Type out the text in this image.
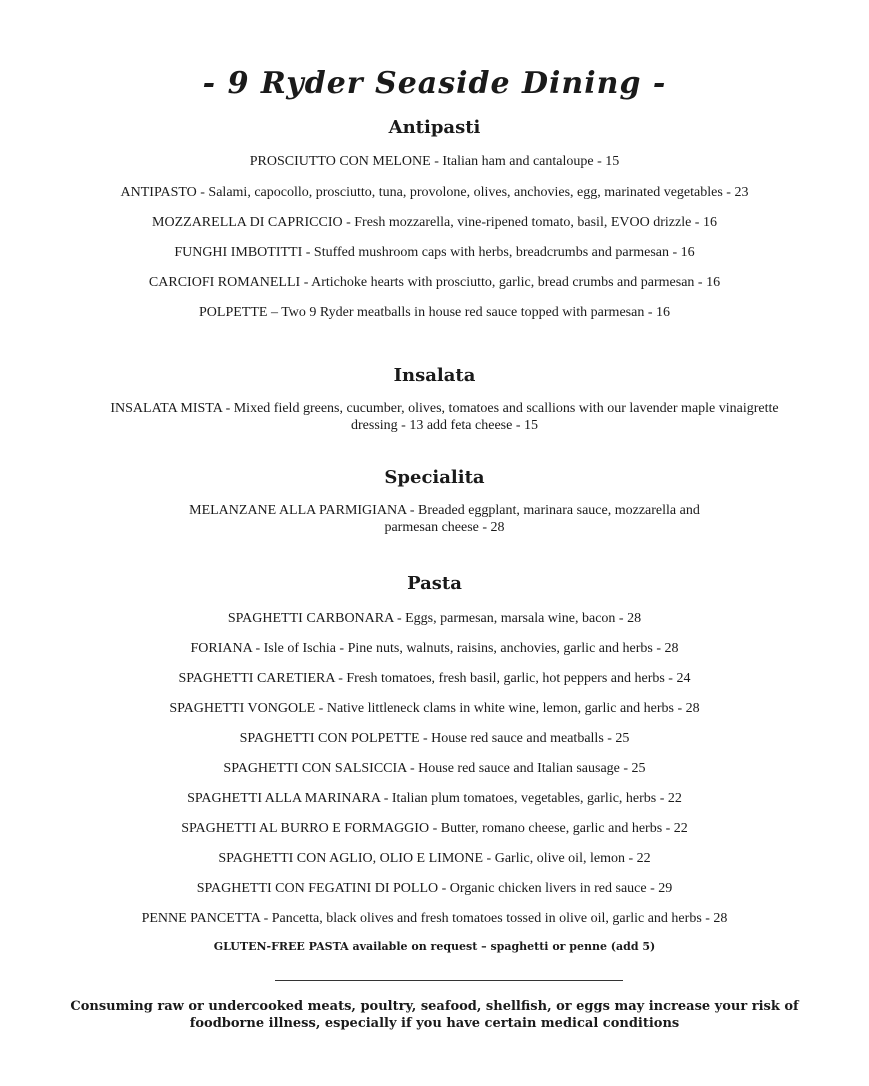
- 9 Ryder Seaside Dining -
Antipasti
PROSCIUTTO CON MELONE - Italian ham and cantaloupe - 15
ANTIPASTO - Salami, capocollo, prosciutto, tuna, provolone, olives, anchovies, egg, marinated vegetables - 23
MOZZARELLA DI CAPRICCIO - Fresh mozzarella, vine-ripened tomato, basil, EVOO drizzle - 16
FUNGHI IMBOTITTI - Stuffed mushroom caps with herbs, breadcrumbs and parmesan - 16
CARCIOFI ROMANELLI - Artichoke hearts with prosciutto, garlic, bread crumbs and parmesan - 16
POLPETTE – Two 9 Ryder meatballs in house red sauce topped with parmesan - 16
Insalata
INSALATA MISTA - Mixed field greens, cucumber, olives, tomatoes and scallions with our lavender maple vinaigrette dressing - 13 add feta cheese - 15
Specialita
MELANZANE ALLA PARMIGIANA - Breaded eggplant, marinara sauce, mozzarella and parmesan cheese - 28
Pasta
SPAGHETTI CARBONARA - Eggs, parmesan, marsala wine, bacon - 28
FORIANA - Isle of Ischia - Pine nuts, walnuts, raisins, anchovies, garlic and herbs - 28
SPAGHETTI CARETIERA - Fresh tomatoes, fresh basil, garlic, hot peppers and herbs - 24
SPAGHETTI VONGOLE - Native littleneck clams in white wine, lemon, garlic and herbs - 28
SPAGHETTI CON POLPETTE - House red sauce and meatballs - 25
SPAGHETTI CON SALSICCIA - House red sauce and Italian sausage - 25
SPAGHETTI ALLA MARINARA - Italian plum tomatoes, vegetables, garlic, herbs - 22
SPAGHETTI AL BURRO E FORMAGGIO - Butter, romano cheese, garlic and herbs - 22
SPAGHETTI CON AGLIO, OLIO E LIMONE - Garlic, olive oil, lemon - 22
SPAGHETTI CON FEGATINI DI POLLO - Organic chicken livers in red sauce - 29
PENNE PANCETTA - Pancetta, black olives and fresh tomatoes tossed in olive oil, garlic and herbs - 28
GLUTEN-FREE PASTA available on request – spaghetti or penne (add 5)
Consuming raw or undercooked meats, poultry, seafood, shellfish, or eggs may increase your risk of foodborne illness, especially if you have certain medical conditions
